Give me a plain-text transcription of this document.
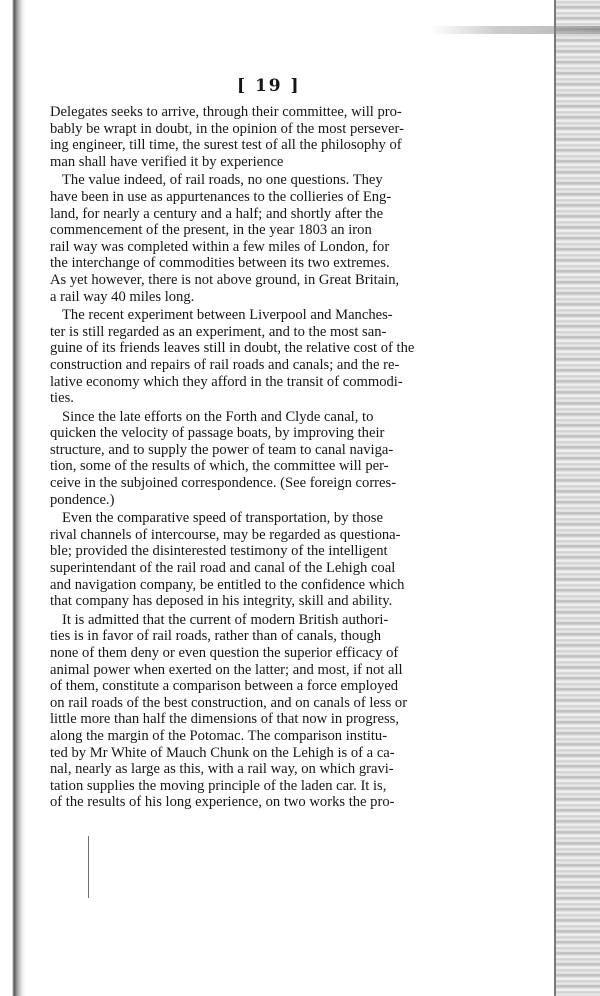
[ 19 ]

Delegates seeks to arrive, through their committee, will pro-
bably be wrapt in doubt, in the opinion of the most persever-
ing engineer, till time, the surest test of all the philosophy of
man shall have verified it by experience

The value indeed, of rail roads, no one questions. They
have been in use as appurtenances to the collieries of Eng-
land, for nearly a century and a half; and shortly after the
commencement of the present, in the year 1803 an iron
rail way was completed within a few miles of London, for
the interchange of commodities between its two extremes.
As yet however, there is not above ground, in Great Britain,
a rail way 40 miles long.

The recent experiment between Liverpool and Manches-
ter is still regarded as an experiment, and to the most san-
guine of its friends leaves still in doubt, the relative cost of the
construction and repairs of rail roads and canals; and the re-
lative economy which they afford in the transit of commodi-
ties.

Since the late efforts on the Forth and Clyde canal, to
quicken the velocity of passage boats, by improving their
structure, and to supply the power of team to canal naviga-
tion, some of the results of which, the committee will per-
ceive in the subjoined correspondence. (See foreign corres-
pondence.)

Even the comparative speed of transportation, by those
rival channels of intercourse, may be regarded as questiona-
ble; provided the disinterested testimony of the intelligent
superintendant of the rail road and canal of the Lehigh coal
and navigation company, be entitled to the confidence which
that company has deposed in his integrity, skill and ability.

It is admitted that the current of modern British authori-
ties is in favor of rail roads, rather than of canals, though
none of them deny or even question the superior efficacy of
animal power when exerted on the latter; and most, if not all
of them, constitute a comparison between a force employed
on rail roads of the best construction, and on canals of less or
little more than half the dimensions of that now in progress,
along the margin of the Potomac. The comparison institu-
ted by Mr White of Mauch Chunk on the Lehigh is of a ca-
nal, nearly as large as this, with a rail way, on which gravi-
tation supplies the moving principle of the laden car. It is,
of the results of his long experience, on two works the pro-
